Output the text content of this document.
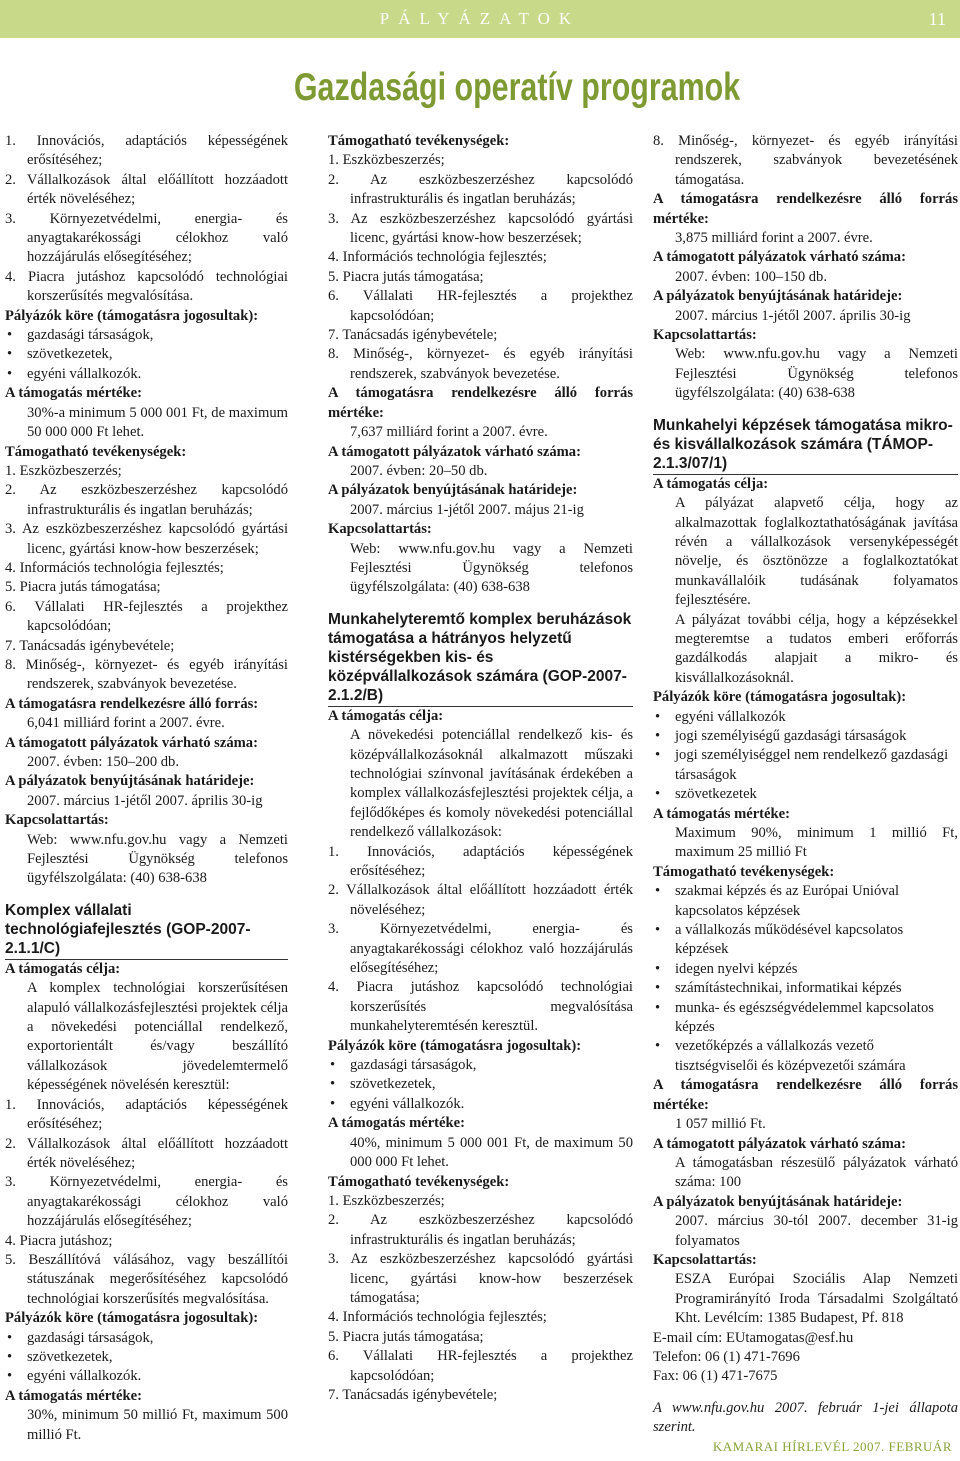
PÁLYÁZATOK	11
Gazdasági operatív programok
1. Innovációs, adaptációs képességének erősítéséhez;
2. Vállalkozások által előállított hozzáadott érték növeléséhez;
3. Környezetvédelmi, energia- és anyagtakarékossági célokhoz való hozzájárulás elősegítéséhez;
4. Piacra jutáshoz kapcsolódó technológiai korszerűsítés megvalósítása.
Pályázók köre (támogatásra jogosultak):
• gazdasági társaságok,
• szövetkezetek,
• egyéni vállalkozók.
A támogatás mértéke:
30%-a minimum 5 000 001 Ft, de maximum 50 000 000 Ft lehet.
Támogatható tevékenységek:
1. Eszközbeszerzés;
2. Az eszközbeszerzéshez kapcsolódó infrastrukturális és ingatlan beruházás;
3. Az eszközbeszerzéshez kapcsolódó gyártási licenc, gyártási know-how beszerzések;
4. Információs technológia fejlesztés;
5. Piacra jutás támogatása;
6. Vállalati HR-fejlesztés a projekthez kapcsolódóan;
7. Tanácsadás igénybevétele;
8. Minőség-, környezet- és egyéb irányítási rendszerek, szabványok bevezetése.
A támogatásra rendelkezésre álló forrás:
6,041 milliárd forint a 2007. évre.
A támogatott pályázatok várható száma:
2007. évben: 150–200 db.
A pályázatok benyújtásának határideje:
2007. március 1-jétől 2007. április 30-ig
Kapcsolattartás:
Web: www.nfu.gov.hu vagy a Nemzeti Fejlesztési Ügynökség telefonos ügyfélszolgálata: (40) 638-638
Komplex vállalati technológiafejlesztés (GOP-2007-2.1.1/C)
A támogatás célja:
A komplex technológiai korszerűsítésen alapuló vállalkozásfejlesztési projektek célja a növekedési potenciállal rendelkező, exportorientált és/vagy beszállító vállalkozások jövedelemtermelő képességének növelésén keresztül:
1. Innovációs, adaptációs képességének erősítéséhez;
2. Vállalkozások által előállított hozzáadott érték növeléséhez;
3. Környezetvédelmi, energia- és anyagtakarékossági célokhoz való hozzájárulás elősegítéséhez;
4. Piacra jutáshoz;
5. Beszállítóvá válásához, vagy beszállítói státuszának megerősítéséhez kapcsolódó technológiai korszerűsítés megvalósítása.
Pályázók köre (támogatásra jogosultak):
• gazdasági társaságok,
• szövetkezetek,
• egyéni vállalkozók.
A támogatás mértéke:
30%, minimum 50 millió Ft, maximum 500 millió Ft.
Támogatható tevékenységek:
1. Eszközbeszerzés;
2. Az eszközbeszerzéshez kapcsolódó infrastrukturális és ingatlan beruházás;
3. Az eszközbeszerzéshez kapcsolódó gyártási licenc, gyártási know-how beszerzések;
4. Információs technológia fejlesztés;
5. Piacra jutás támogatása;
6. Vállalati HR-fejlesztés a projekthez kapcsolódóan;
7. Tanácsadás igénybevétele;
8. Minőség-, környezet- és egyéb irányítási rendszerek, szabványok bevezetése.
A támogatásra rendelkezésre álló forrás mértéke:
7,637 milliárd forint a 2007. évre.
A támogatott pályázatok várható száma:
2007. évben: 20–50 db.
A pályázatok benyújtásának határideje:
2007. március 1-jétől 2007. május 21-ig
Kapcsolattartás:
Web: www.nfu.gov.hu vagy a Nemzeti Fejlesztési Ügynökség telefonos ügyfélszolgálata: (40) 638-638
Munkahelyteremtő komplex beruházások támogatása a hátrányos helyzetű kistérségekben kis- és középvállalkozások számára (GOP-2007-2.1.2/B)
A támogatás célja:
A növekedési potenciállal rendelkező kis- és középvállalkozásoknál alkalmazott műszaki technológiai színvonal javításának érdekében a komplex vállalkozásfejlesztési projektek célja, a fejlődőképes és komoly növekedési potenciállal rendelkező vállalkozások:
1. Innovációs, adaptációs képességének erősítéséhez;
2. Vállalkozások által előállított hozzáadott érték növeléséhez;
3. Környezetvédelmi, energia- és anyagtakarékossági célokhoz való hozzájárulás elősegítéséhez;
4. Piacra jutáshoz kapcsolódó technológiai korszerűsítés megvalósítása munkahelyteremtésén keresztül.
Pályázók köre (támogatásra jogosultak):
• gazdasági társaságok,
• szövetkezetek,
• egyéni vállalkozók.
A támogatás mértéke:
40%, minimum 5 000 001 Ft, de maximum 50 000 000 Ft lehet.
Támogatható tevékenységek:
1. Eszközbeszerzés;
2. Az eszközbeszerzéshez kapcsolódó infrastrukturális és ingatlan beruházás;
3. Az eszközbeszerzéshez kapcsolódó gyártási licenc, gyártási know-how beszerzések támogatása;
4. Információs technológia fejlesztés;
5. Piacra jutás támogatása;
6. Vállalati HR-fejlesztés a projekthez kapcsolódóan;
7. Tanácsadás igénybevétele;
8. Minőség-, környezet- és egyéb irányítási rendszerek, szabványok bevezetésének támogatása.
A támogatásra rendelkezésre álló forrás mértéke:
3,875 milliárd forint a 2007. évre.
A támogatott pályázatok várható száma:
2007. évben: 100–150 db.
A pályázatok benyújtásának határideje:
2007. március 1-jétől 2007. április 30-ig
Kapcsolattartás:
Web: www.nfu.gov.hu vagy a Nemzeti Fejlesztési Ügynökség telefonos ügyfélszolgálata: (40) 638-638
Munkahelyi képzések támogatása mikro- és kisvállalkozások számára (TÁMOP-2.1.3/07/1)
A támogatás célja:
A pályázat alapvető célja, hogy az alkalmazottak foglalkoztathatóságának javítása révén a vállalkozások versenyképességét növelje, és ösztönözze a foglalkoztatókat munkavállalóik tudásának folyamatos fejlesztésére.
A pályázat további célja, hogy a képzésekkel megteremtse a tudatos emberi erőforrás gazdálkodás alapjait a mikro- és kisvállalkozásoknál.
Pályázók köre (támogatásra jogosultak):
• egyéni vállalkozók
• jogi személyiségű gazdasági társaságok
• jogi személyiséggel nem rendelkező gazdasági társaságok
• szövetkezetek
A támogatás mértéke:
Maximum 90%, minimum 1 millió Ft, maximum 25 millió Ft
Támogatható tevékenységek:
• szakmai képzés és az Európai Unióval kapcsolatos képzések
• a vállalkozás működésével kapcsolatos képzések
• idegen nyelvi képzés
• számítástechnikai, informatikai képzés
• munka- és egészségvédelemmel kapcsolatos képzés
• vezetőképzés a vállalkozás vezető tisztségviselői és középvezetői számára
A támogatásra rendelkezésre álló forrás mértéke:
1 057 millió Ft.
A támogatott pályázatok várható száma:
A támogatásban részesülő pályázatok várható száma: 100
A pályázatok benyújtásának határideje:
2007. március 30-tól 2007. december 31-ig folyamatos
Kapcsolattartás:
ESZA Európai Szociális Alap Nemzeti Programirányító Iroda Társadalmi Szolgáltató Kht. Levélcím: 1385 Budapest, Pf. 818
E-mail cím: EUtamogatas@esf.hu
Telefon: 06 (1) 471-7696
Fax: 06 (1) 471-7675
A www.nfu.gov.hu 2007. február 1-jei állapota szerint.
KAMARAI HÍRLEVÉL 2007. FEBRUÁR
